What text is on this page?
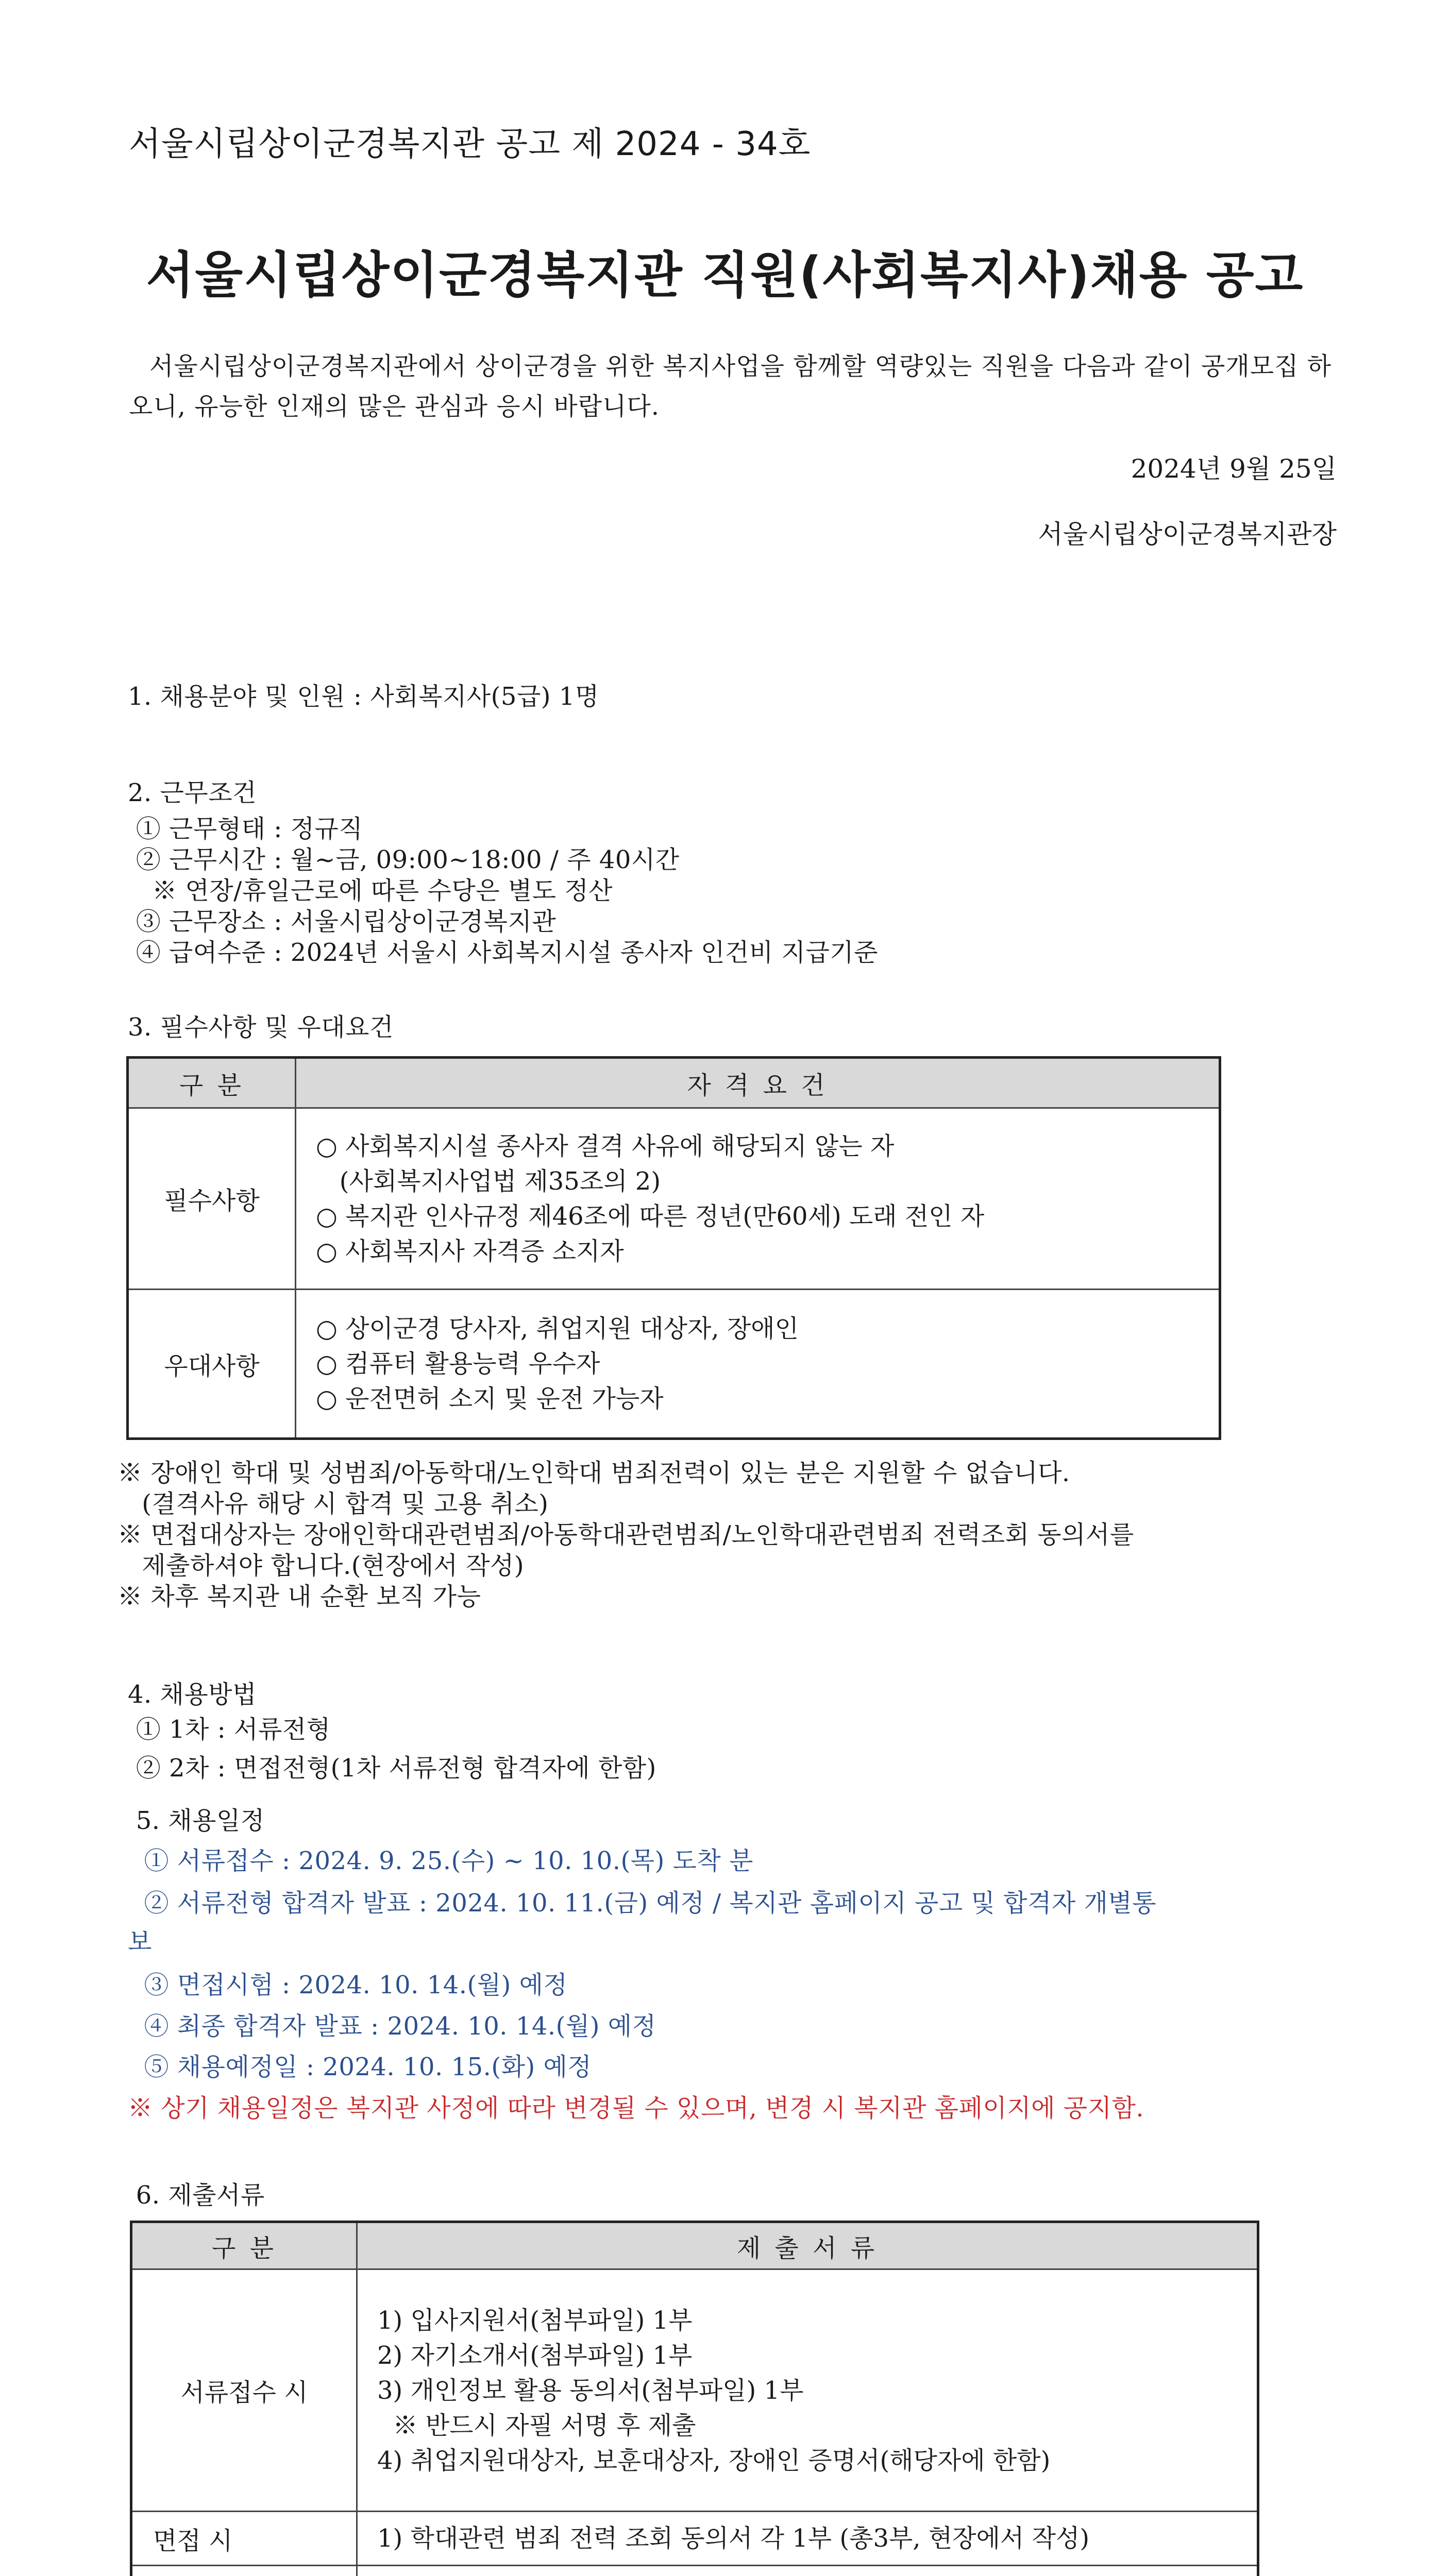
서울시립상이군경복지관 공고 제 2024 - 34호
서울시립상이군경복지관 직원(사회복지사)채용 공고
서울시립상이군경복지관에서 상이군경을 위한 복지사업을 함께할 역량있는 직원을 다음과 같이 공개모집 하오니, 유능한 인재의 많은 관심과 응시 바랍니다.
2024년 9월 25일
서울시립상이군경복지관장
1. 채용분야 및 인원 : 사회복지사(5급) 1명
2. 근무조건
① 근무형태 : 정규직
② 근무시간 : 월~금, 09:00~18:00 / 주 40시간
※ 연장/휴일근로에 따른 수당은 별도 정산
③ 근무장소 : 서울시립상이군경복지관
④ 급여수준 : 2024년 서울시 사회복지시설 종사자 인건비 지급기준
3. 필수사항 및 우대요건
구 분	자 격 요 건
필수사항	○ 사회복지시설 종사자 결격 사유에 해당되지 않는 자
(사회복지사업법 제35조의 2)
○ 복지관 인사규정 제46조에 따른 정년(만60세) 도래 전인 자
○ 사회복지사 자격증 소지자

우대사항	○ 상이군경 당사자, 취업지원 대상자, 장애인
○ 컴퓨터 활용능력 우수자
○ 운전면허 소지 및 운전 가능자
※ 장애인 학대 및 성범죄/아동학대/노인학대 범죄전력이 있는 분은 지원할 수 없습니다.
(결격사유 해당 시 합격 및 고용 취소)
※ 면접대상자는 장애인학대관련범죄/아동학대관련범죄/노인학대관련범죄 전력조회 동의서를
제출하셔야 합니다.(현장에서 작성)
※ 차후 복지관 내 순환 보직 가능
4. 채용방법
① 1차 : 서류전형
② 2차 : 면접전형(1차 서류전형 합격자에 한함)
5. 채용일정
① 서류접수 : 2024. 9. 25.(수) ~ 10. 10.(목) 도착 분
② 서류전형 합격자 발표 : 2024. 10. 11.(금) 예정 / 복지관 홈페이지 공고 및 합격자 개별통
보
③ 면접시험 : 2024. 10. 14.(월) 예정
④ 최종 합격자 발표 : 2024. 10. 14.(월) 예정
⑤ 채용예정일 : 2024. 10. 15.(화) 예정
※ 상기 채용일정은 복지관 사정에 따라 변경될 수 있으며, 변경 시 복지관 홈페이지에 공지함.
6. 제출서류
구 분	제 출 서 류
서류접수 시	1) 입사지원서(첨부파일) 1부
2) 자기소개서(첨부파일) 1부
3) 개인정보 활용 동의서(첨부파일) 1부
※ 반드시 자필 서명 후 제출
4) 취업지원대상자, 보훈대상자, 장애인 증명서(해당자에 한함)

면접 시	1) 학대관련 범죄 전력 조회 동의서 각 1부 (총3부, 현장에서 작성)
